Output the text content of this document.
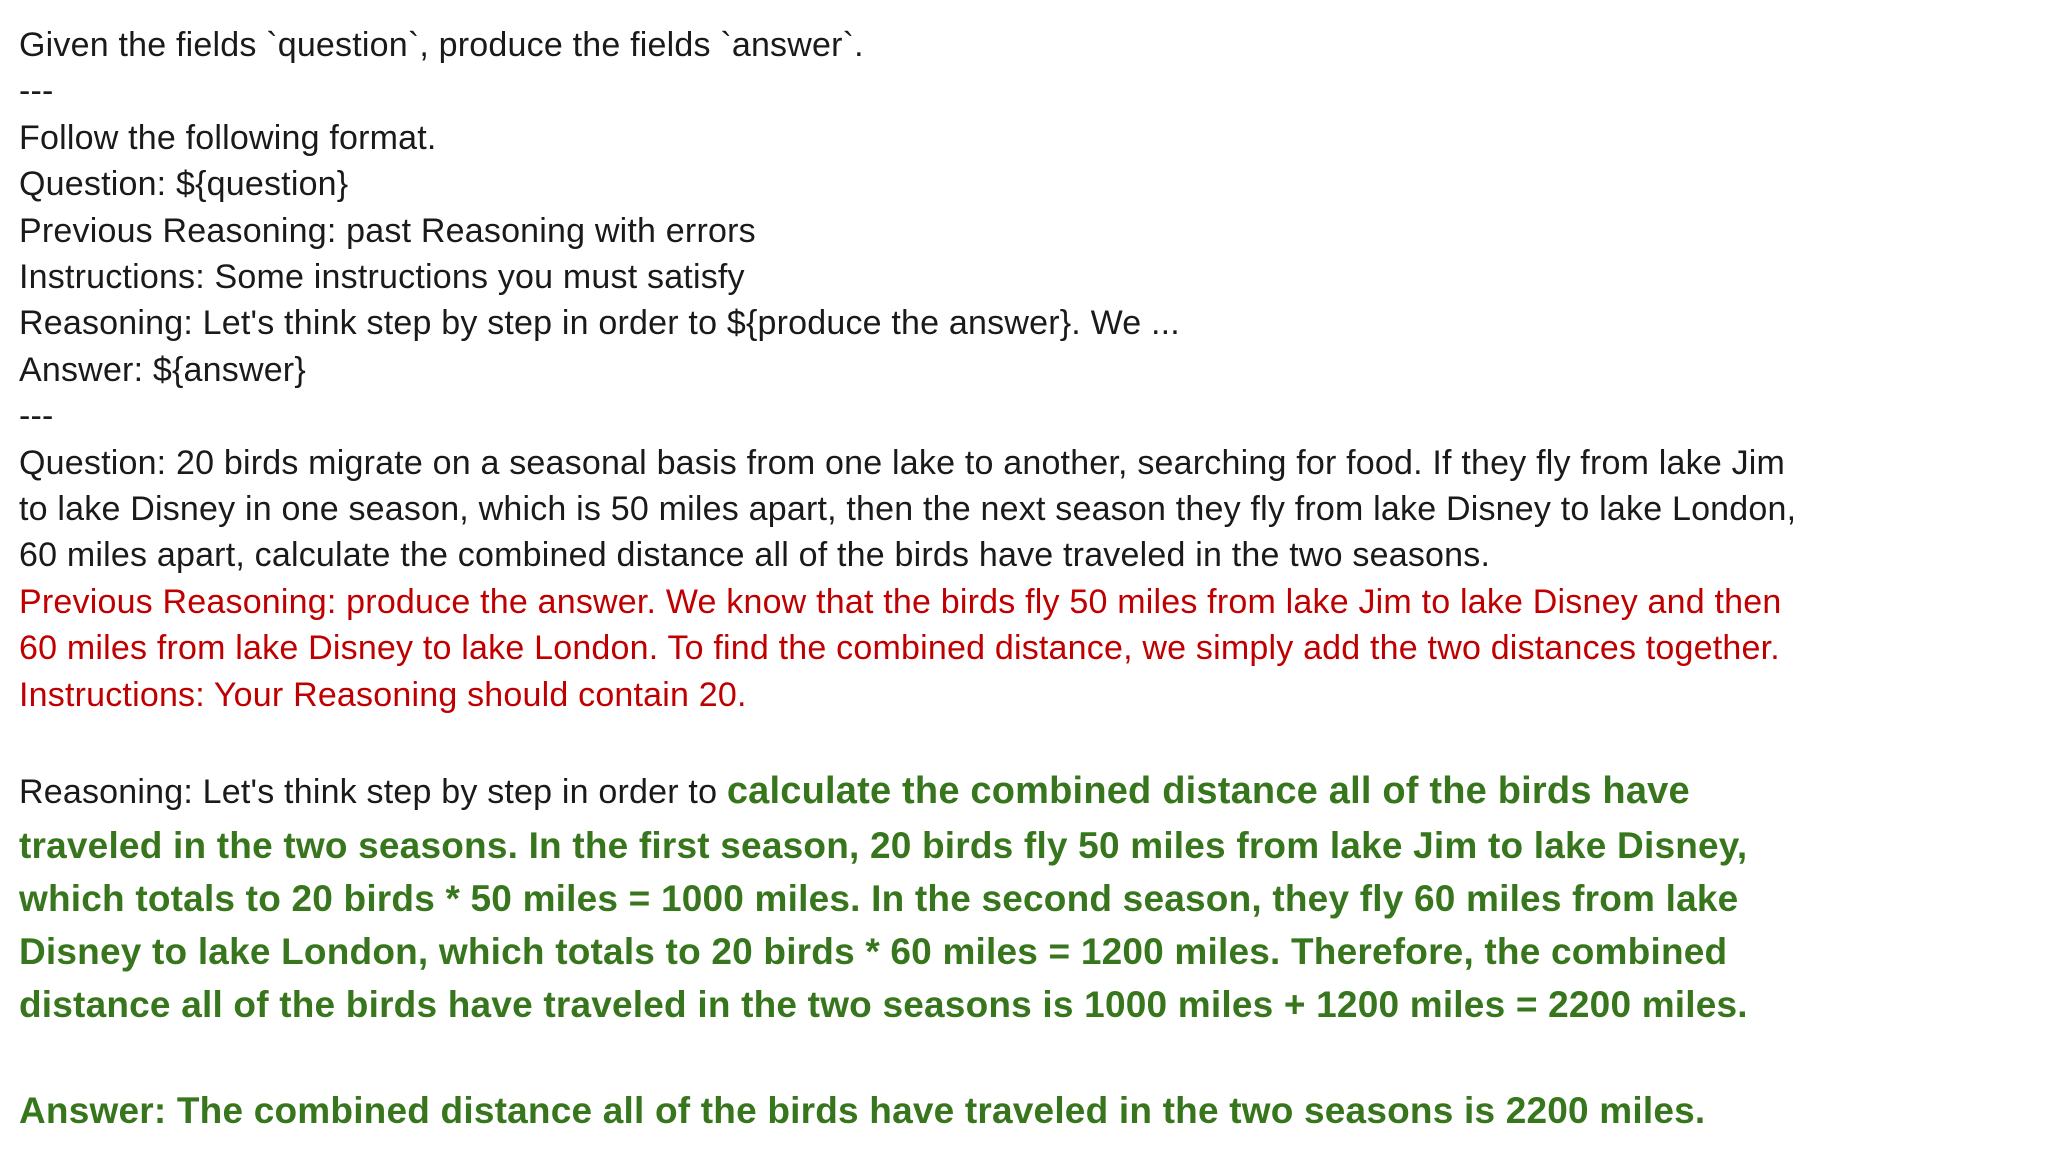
Given the fields `question`, produce the fields `answer`.
---
Follow the following format.
Question: ${question}
Previous Reasoning: past Reasoning with errors
Instructions: Some instructions you must satisfy
Reasoning: Let's think step by step in order to ${produce the answer}. We ...
Answer: ${answer}
---
Question: 20 birds migrate on a seasonal basis from one lake to another, searching for food. If they fly from lake Jim
to lake Disney in one season, which is 50 miles apart, then the next season they fly from lake Disney to lake London,
60 miles apart, calculate the combined distance all of the birds have traveled in the two seasons.
Previous Reasoning: produce the answer. We know that the birds fly 50 miles from lake Jim to lake Disney and then
60 miles from lake Disney to lake London. To find the combined distance, we simply add the two distances together.
Instructions: Your Reasoning should contain 20.
Reasoning: Let's think step by step in order to calculate the combined distance all of the birds have
traveled in the two seasons. In the first season, 20 birds fly 50 miles from lake Jim to lake Disney,
which totals to 20 birds * 50 miles = 1000 miles. In the second season, they fly 60 miles from lake
Disney to lake London, which totals to 20 birds * 60 miles = 1200 miles. Therefore, the combined
distance all of the birds have traveled in the two seasons is 1000 miles + 1200 miles = 2200 miles.
Answer: The combined distance all of the birds have traveled in the two seasons is 2200 miles.
